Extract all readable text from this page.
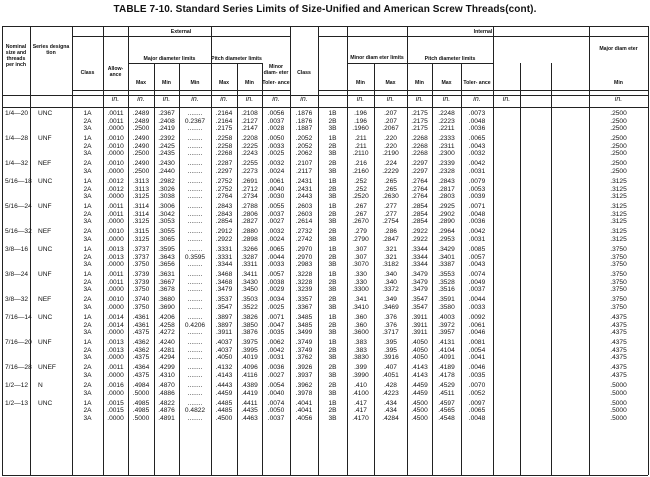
TABLE 7-10. Standard Series Limits of Size-Unified and American Screw Threads(cont).
Nominal size and threads per inch
Series designa tion
External	Internal
Class
Allow- ance
Major diameter limits	Pitch diameter limits
Minor diam- eter	Class
Minor diam eter limits	Pitch diameter limits
Major diam eter
Max	Min	Min	Max	Min	Toler- ance	Min	Max	Min	Max	Toler- ance	Min
in.	in.	in.	in.	in.	in.	in.	in.	in.	in.	in.	in.	in.	in.	in.
1/4—20	UNC	1A	.0011	.2489	.2367	........	.2164	.2108	.0056	.1876	1B	.196	.207	.2175	.2248	.0073	.2500
2A	.0011	.2489	.2408	0.2367	.2164	.2127	.0037	.1876	2B	.196	.207	.2175	.2223	.0048	.2500
3A	.0000	.2500	.2419	........	.2175	.2147	.0028	.1887	3B	.1960	.2067	.2175	.2211	.0036	.2500
1/4—28	UNF	1A	.0010	.2490	.2392	........	.2258	.2208	.0050	.2052	1B	.211	.220	.2268	.2333	.0065	.2500
2A	.0010	.2490	.2425	........	.2258	.2225	.0033	.2052	2B	.211	.220	.2268	.2311	.0043	.2500
3A	.0000	.2500	.2435	........	.2268	.2243	.0025	.2062	3B	.2110	.2190	.2268	.2300	.0032	.2500
1/4—32	NEF	2A	.0010	.2490	.2430	........	.2287	.2255	.0032	.2107	2B	.216	.224	.2297	.2339	.0042	.2500
3A	.0000	.2500	.2440	........	.2297	.2273	.0024	.2117	3B	.2160	.2229	.2297	.2328	.0031	.2500
5/16—18 UNC	1A	.0012	.3113	.2982	........	.2752	.2691	.0061	.2431	1B	.252	.265	.2764	.2843	.0079	.3125
2A	.0012	.3113	.3026	........	.2752	.2712	.0040	.2431	2B	.252	.265	.2764	.2817	.0053	.3125
3A	.0000	.3125	.3038	........	.2764	.2734	.0030	.2443	3B	.2520	.2630	.2764	.2803	.0039	.3125
5/16—24 UNF	1A	.0011	.3114	.3006	........	.2843	.2788	.0055	.2603	1B	.267	.277	.2854	.2925	.0071	.3125
2A	.0011	.3114	.3042	........	.2843	.2806	.0037	.2603	2B	.267	.277	.2854	.2902	.0048	.3125
3A	.0000	.3125	.3053	........	.2854	.2827	.0027	.2614	3B	.2670	.2754	.2854	.2890	.0036	.3125
5/16—32 NEF	2A	.0010	.3115	.3055	........	.2912	.2880	.0032	.2732	2B	.279	.286	.2922	.2964	.0042	.3125
3A	.0000	.3125	.3065	........	.2922	.2898	.0024	.2742	3B	.2790	.2847	.2922	.2953	.0031	.3125
3/8—16	UNC	1A	.0013	.3737	.3595	........	.3331	.3266	.0065	.2970	1B	.307	.321	.3344	.3429	.0085	.3750
2A	.0013	.3737	.3643	0.3595	.3331	.3287	.0044	.2970	2B	.307	.321	.3344	.3401	.0057	.3750
3A	.0000	.3750	.3656	........	.3344	.3311	.0033	.2983	3B	.3070	.3182	.3344	.3387	.0043	.3750
3/8—24	UNF	1A	.0011	.3739	.3631	........	.3468	.3411	.0057	.3228	1B	.330	.340	.3479	.3553	.0074	.3750
2A	.0011	.3739	.3667	........	.3468	.3430	.0038	.3228	2B	.330	.340	.3479	.3528	.0049	.3750
3A	.0000	.3750	.3678	........	.3479	.3450	.0029	.3239	3B	.3300	.3372	.3479	.3516	.0037	.3750
3/8—32	NEF	2A	.0010	.3740	.3680	........	.3537	.3503	.0034	.3357	2B	.341	.349	.3547	.3591	.0044	.3750
3A	.0000	.3750	.3690	........	.3547	.3522	.0025	.3367	3B	.3410	.3469	.3547	.3580	.0033	.3750
7/16—14 UNC	1A	.0014	.4361	.4206	........	.3897	.3826	.0071	.3485	1B	.360	.376	.3911	.4003	.0092	.4375
2A	.0014	.4361	.4258	0.4206	.3897	.3850	.0047	.3485	2B	.360	.376	.3911	.3972	.0061	.4375
3A	.0000	.4375	.4272	........	.3911	.3876	.0035	.3499	3B	.3600	.3717	.3911	.3957	.0046	.4375
7/16—20 UNF	1A	.0013	.4362	.4240	........	.4037	.3975	.0062	.3749	1B	.383	.395	.4050	.4131	.0081	.4375
2A	.0013	.4362	.4281	........	.4037	.3995	.0042	.3749	2B	.383	.395	.4050	.4104	.0054	.4375
3A	.0000	.4375	.4294	........	.4050	.4019	.0031	.3762	3B	.3830	.3916	.4050	.4091	.0041	.4375
7/16—28 UNEF	2A	.0011	.4364	.4299	........	.4132	.4096	.0036	.3926	2B	.399	.407	.4143	.4189	.0046	.4375
3A	.0000	.4375	.4310	........	.4143	.4116	.0027	.3937	3B	.3990	.4051	.4143	.4178	.0035	.4375
1/2—12	N	2A	.0016	.4984	.4870	........	.4443	.4389	.0054	.3962	2B	.410	.428	.4459	.4529	.0070	.5000
3A	.0000	.5000	.4886	........	.4459	.4419	.0040	.3978	3B	.4100	.4223	.4459	.4511	.0052	.5000
1/2—13	UNC	1A	.0015	.4985	.4822	........	.4485	.4411	.0074	.4041	1B	.417	.434	.4500	.4597	.0097	.5000
2A	.0015	.4985	.4876	0.4822	.4485	.4435	.0050	.4041	2B	.417	.434	.4500	.4565	.0065	.5000
3A	.0000	.5000	.4891	........	.4500	.4463	.0037	.4056	3B	.4170	.4284	.4500	.4548	.0048	.5000
